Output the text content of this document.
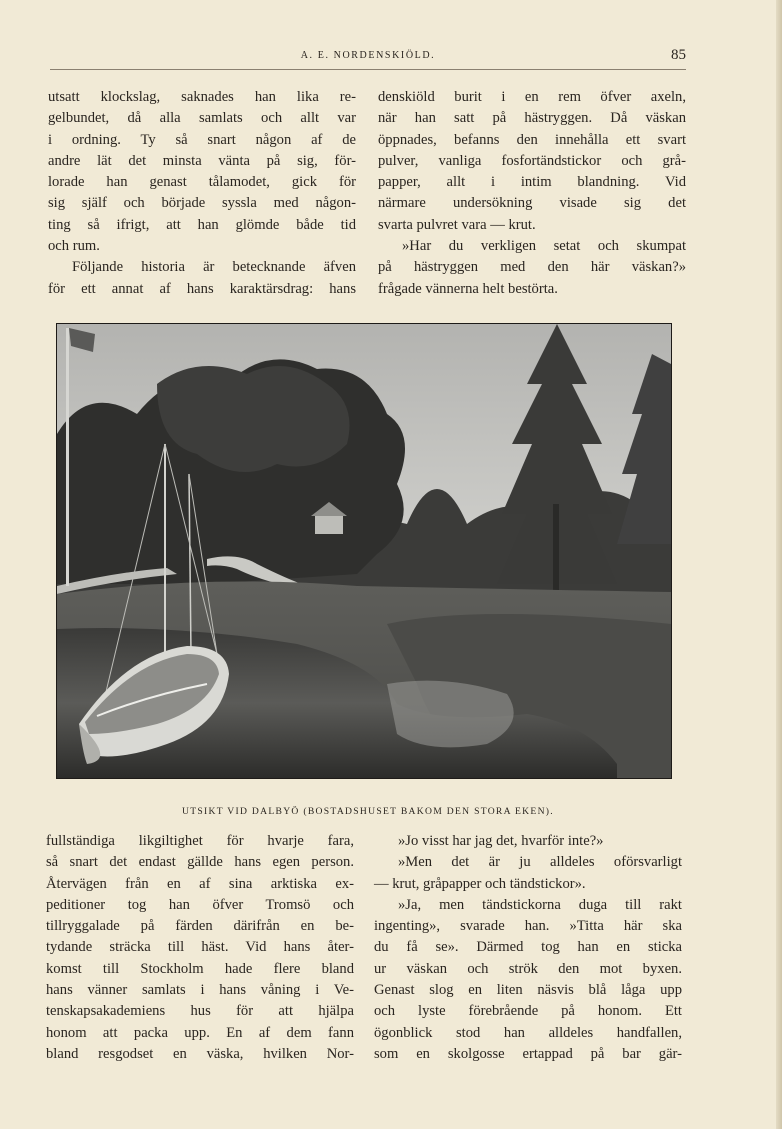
A. E. NORDENSKIÖLD.	85
utsatt klockslag, saknades han lika re-
gelbundet, då alla samlats och allt var
i ordning. Ty så snart någon af de
andre lät det minsta vänta på sig, för-
lorade han genast tålamodet, gick för
sig själf och började syssla med någon-
ting så ifrigt, att han glömde både tid
och rum.
Följande historia är betecknande äfven
för ett annat af hans karaktärsdrag: hans
denskiöld burit i en rem öfver axeln,
när han satt på hästryggen. Då väskan
öppnades, befanns den innehålla ett svart
pulver, vanliga fosfortändstickor och grå-
papper, allt i intim blandning. Vid
närmare undersökning visade sig det
svarta pulvret vara — krut.
»Har du verkligen setat och skumpat
på hästryggen med den här väskan?»
frågade vännerna helt bestörta.
UTSIKT VID DALBYÖ (BOSTADSHUSET BAKOM DEN STORA EKEN).
fullständiga likgiltighet för hvarje fara,
så snart det endast gällde hans egen person.
Återvägen från en af sina arktiska ex-
peditioner tog han öfver Tromsö och
tillryggalade på färden därifrån en be-
tydande sträcka till häst. Vid hans åter-
komst till Stockholm hade flere bland
hans vänner samlats i hans våning i Ve-
tenskapsakademiens hus för att hjälpa
honom att packa upp. En af dem fann
bland resgodset en väska, hvilken Nor-
»Jo visst har jag det, hvarför inte?»
»Men det är ju alldeles oförsvarligt
— krut, gråpapper och tändstickor».
»Ja, men tändstickorna duga till rakt
ingenting», svarade han. »Titta här ska
du få se». Därmed tog han en sticka
ur väskan och strök den mot byxen.
Genast slog en liten näsvis blå låga upp
och lyste förebrående på honom. Ett
ögonblick stod han alldeles handfallen,
som en skolgosse ertappad på bar gär-
